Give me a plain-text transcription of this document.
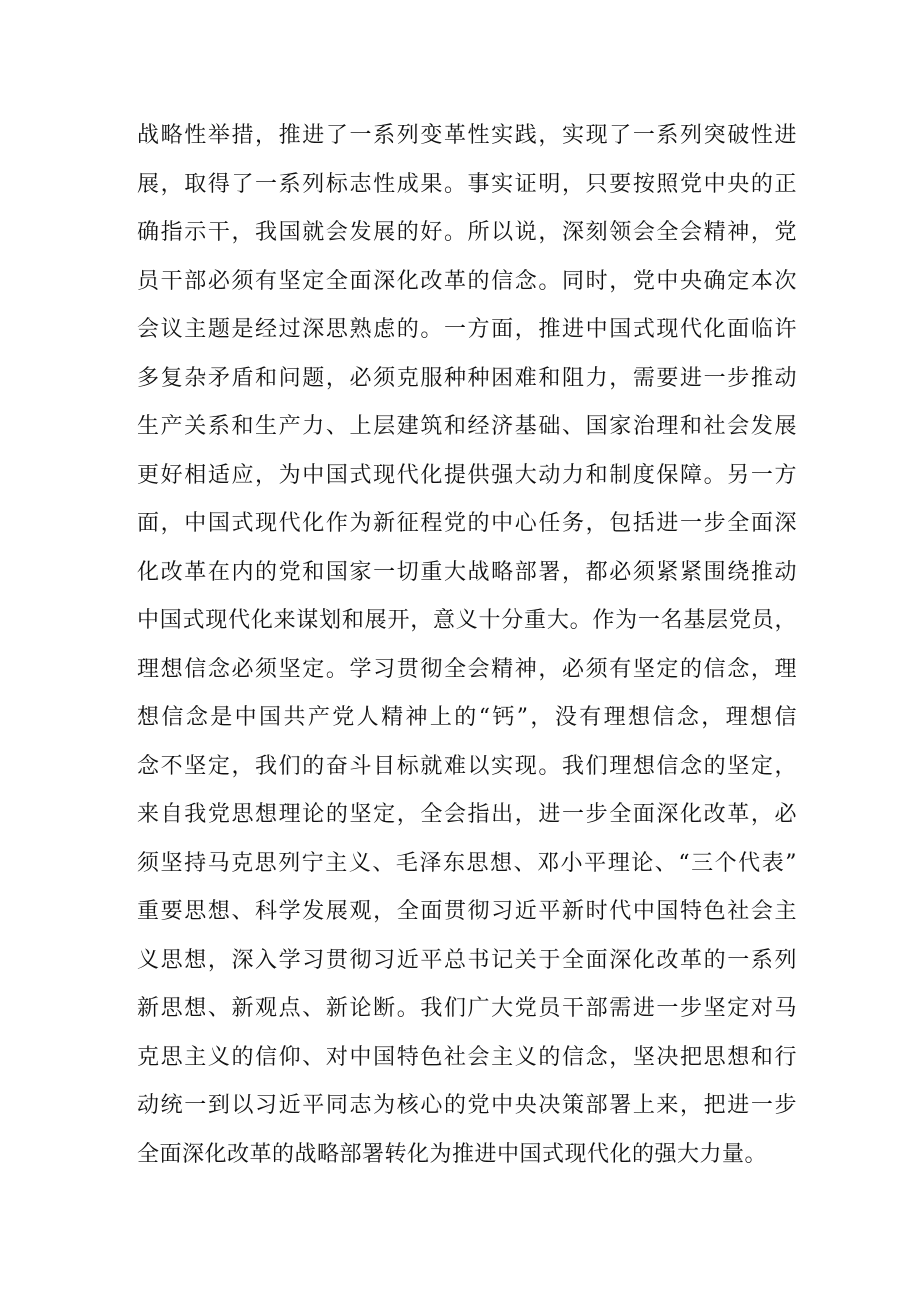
战略性举措，推进了一系列变革性实践，实现了一系列突破性进
展，取得了一系列标志性成果。事实证明，只要按照党中央的正
确指示干，我国就会发展的好。所以说，深刻领会全会精神，党
员干部必须有坚定全面深化改革的信念。同时，党中央确定本次
会议主题是经过深思熟虑的。一方面，推进中国式现代化面临许
多复杂矛盾和问题，必须克服种种困难和阻力，需要进一步推动
生产关系和生产力、上层建筑和经济基础、国家治理和社会发展
更好相适应，为中国式现代化提供强大动力和制度保障。另一方
面，中国式现代化作为新征程党的中心任务，包括进一步全面深
化改革在内的党和国家一切重大战略部署，都必须紧紧围绕推动
中国式现代化来谋划和展开，意义十分重大。作为一名基层党员，
理想信念必须坚定。学习贯彻全会精神，必须有坚定的信念，理
想信念是中国共产党人精神上的“钙”，没有理想信念，理想信
念不坚定，我们的奋斗目标就难以实现。我们理想信念的坚定，
来自我党思想理论的坚定，全会指出，进一步全面深化改革，必
须坚持马克思列宁主义、毛泽东思想、邓小平理论、“三个代表”
重要思想、科学发展观，全面贯彻习近平新时代中国特色社会主
义思想，深入学习贯彻习近平总书记关于全面深化改革的一系列
新思想、新观点、新论断。我们广大党员干部需进一步坚定对马
克思主义的信仰、对中国特色社会主义的信念，坚决把思想和行
动统一到以习近平同志为核心的党中央决策部署上来，把进一步
全面深化改革的战略部署转化为推进中国式现代化的强大力量。
